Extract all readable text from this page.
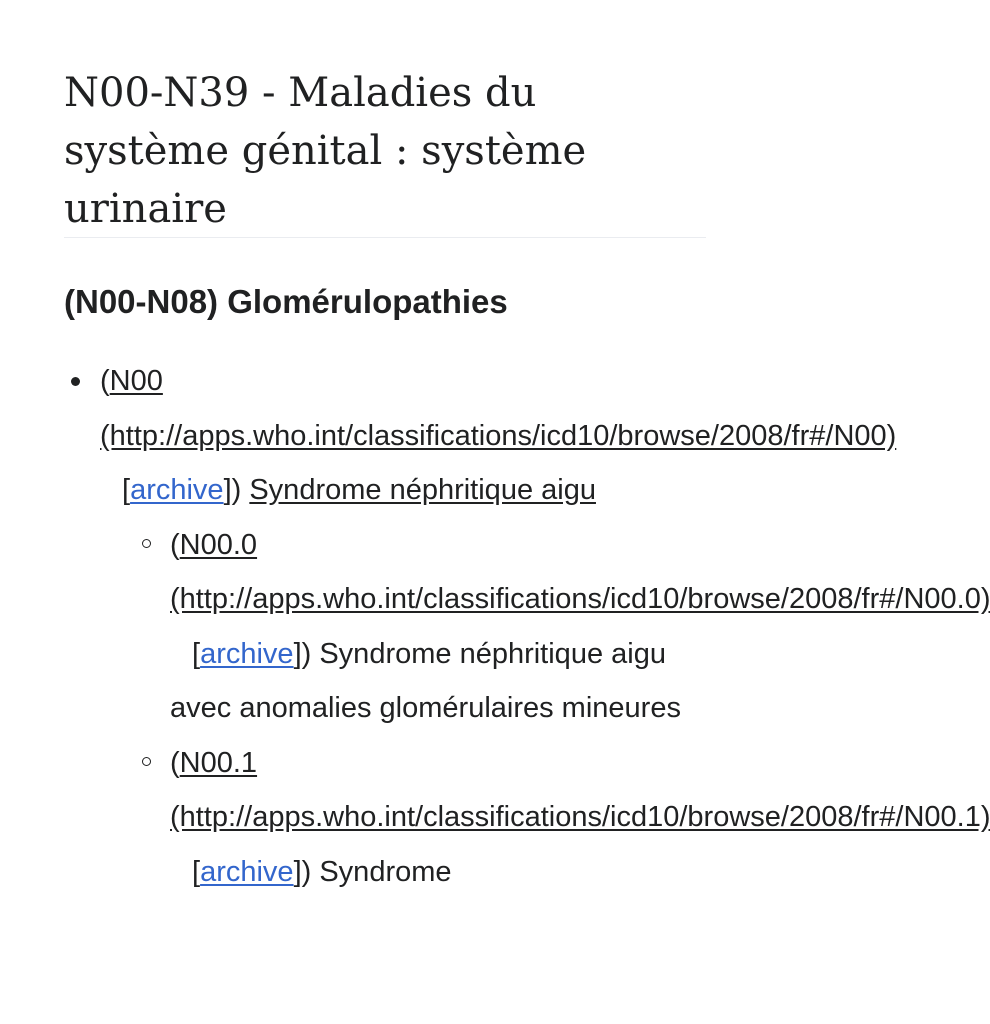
N00-N39 - Maladies du système génital : système urinaire
(N00-N08) Glomérulopathies
(N00 (http://apps.who.int/classifications/icd10/browse/2008/fr#/N00)[archive]) Syndrome néphritique aigu
(N00.0 (http://apps.who.int/classifications/icd10/browse/2008/fr#/N00.0)[archive]) Syndrome néphritique aigu avec anomalies glomérulaires mineures
(N00.1 (http://apps.who.int/classifications/icd10/browse/2008/fr#/N00.1)[archive]) Syndrome
